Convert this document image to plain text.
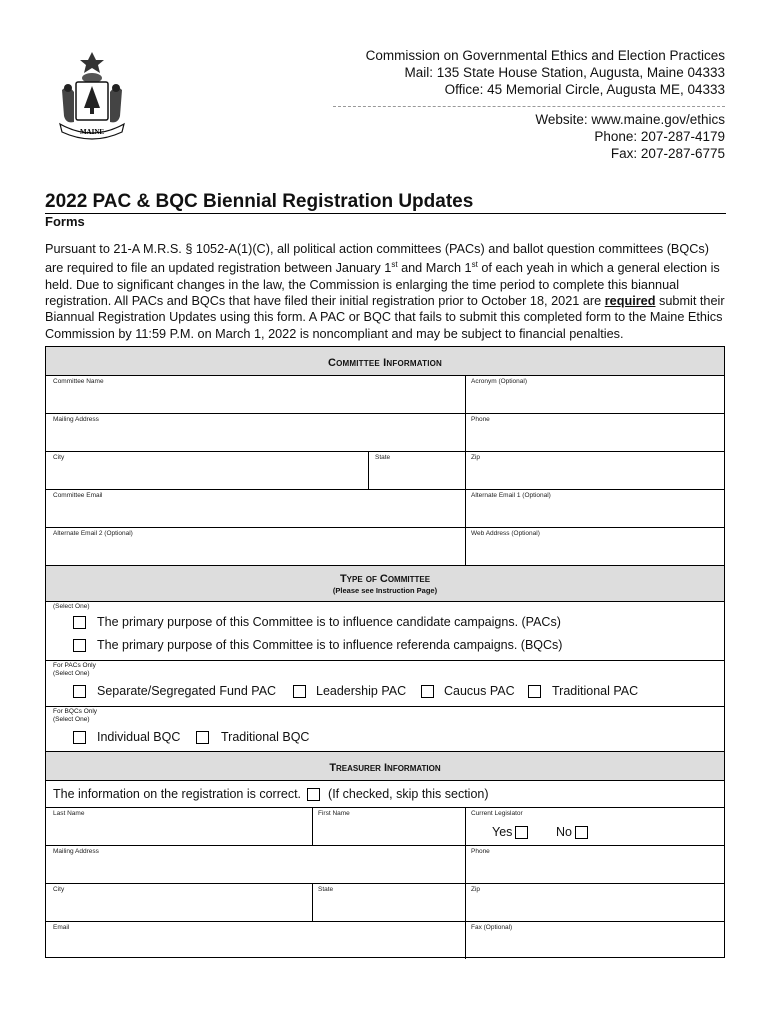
MAINE
Commission on Governmental Ethics and Election Practices
Mail: 135 State House Station, Augusta, Maine 04333
Office: 45 Memorial Circle, Augusta ME, 04333
Website: www.maine.gov/ethics
Phone: 207-287-4179
Fax: 207-287-6775
2022 PAC & BQC Biennial Registration Updates
Forms
Pursuant to 21-A M.R.S. § 1052-A(1)(C), all political action committees (PACs) and ballot question committees (BQCs) are required to file an updated registration between January 1st and March 1st of each yeah in which a general election is held. Due to significant changes in the law, the Commission is enlarging the time period to complete this biannual registration. All PACs and BQCs that have filed their initial registration prior to October 18, 2021 are required submit their Biannual Registration Updates using this form. A PAC or BQC that fails to submit this completed form to the Maine Ethics Commission by 11:59 P.M. on March 1, 2022 is noncompliant and may be subject to financial penalties.
Committee Information
Committee Name	Acronym (Optional)
Mailing Address	Phone
City	State	Zip
Committee Email	Alternate Email 1 (Optional)
Alternate Email 2 (Optional)	Web Address (Optional)
Type of Committee
(Please see Instruction Page)
(Select One)
The primary purpose of this Committee is to influence candidate campaigns. (PACs)
The primary purpose of this Committee is to influence referenda campaigns. (BQCs)
For PACs Only
(Select One)
Separate/Segregated Fund PAC	Leadership PAC	Caucus PAC	Traditional PAC
For BQCs Only
(Select One)
Individual BQC	Traditional BQC
Treasurer Information
The information on the registration is correct. (If checked, skip this section)
Last Name	First Name	Current Legislator
Yes	No
Mailing Address	Phone
City	State	Zip
Email	Fax (Optional)
